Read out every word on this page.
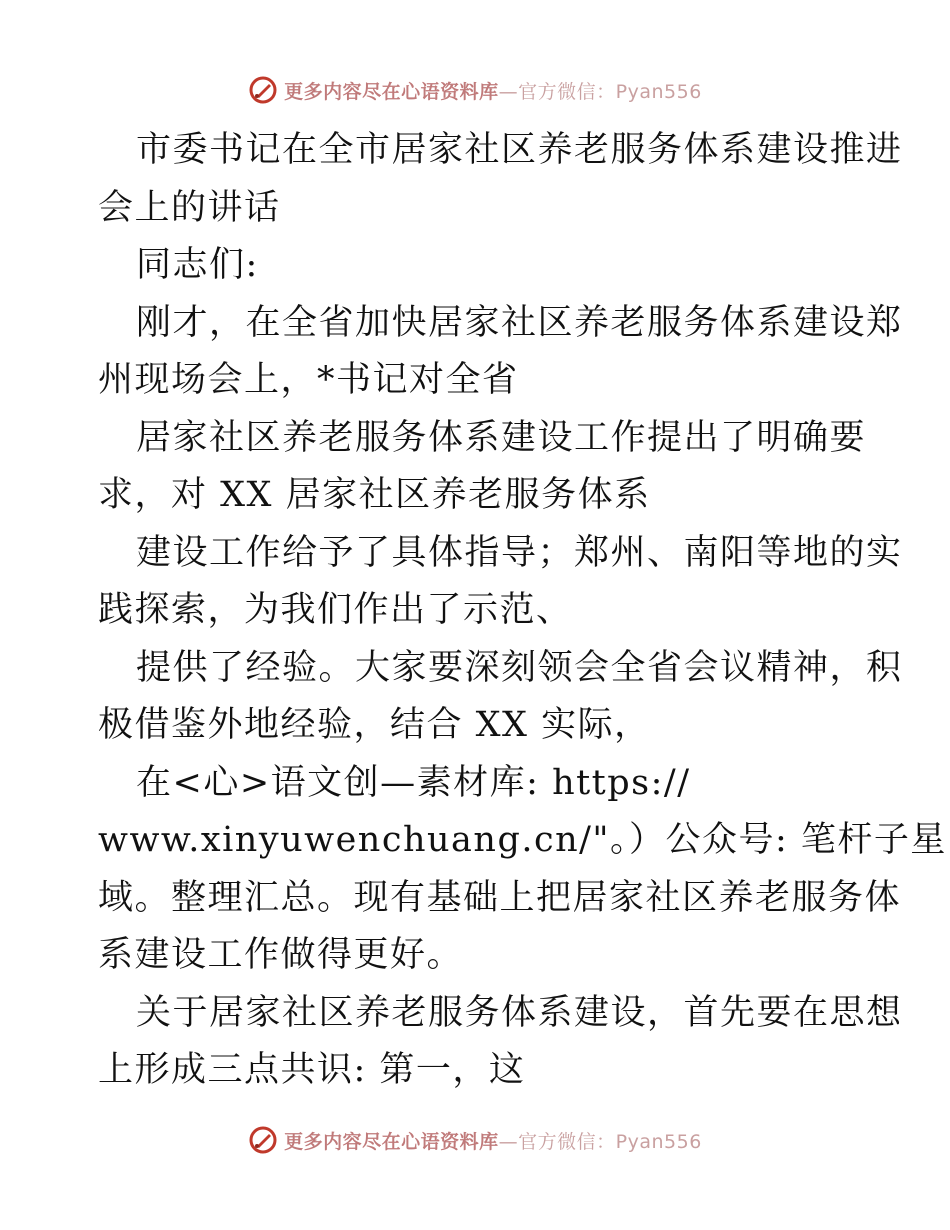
更多内容尽在心语资料库—官方微信：Pyan556
市委书记在全市居家社区养老服务体系建设推进
会上的讲话
同志们:
刚才，在全省加快居家社区养老服务体系建设郑
州现场会上，*书记对全省
居家社区养老服务体系建设工作提出了明确要
求，对 XX 居家社区养老服务体系
建设工作给予了具体指导；郑州、南阳等地的实
践探索，为我们作出了示范、
提供了经验。大家要深刻领会全省会议精神，积
极借鉴外地经验，结合 XX 实际，
在<心>语文创—素材库: https://
www.xinyuwenchuang.cn/"。）公众号: 笔杆子星
域。整理汇总。现有基础上把居家社区养老服务体
系建设工作做得更好。
关于居家社区养老服务体系建设，首先要在思想
上形成三点共识: 第一，这
更多内容尽在心语资料库—官方微信：Pyan556
